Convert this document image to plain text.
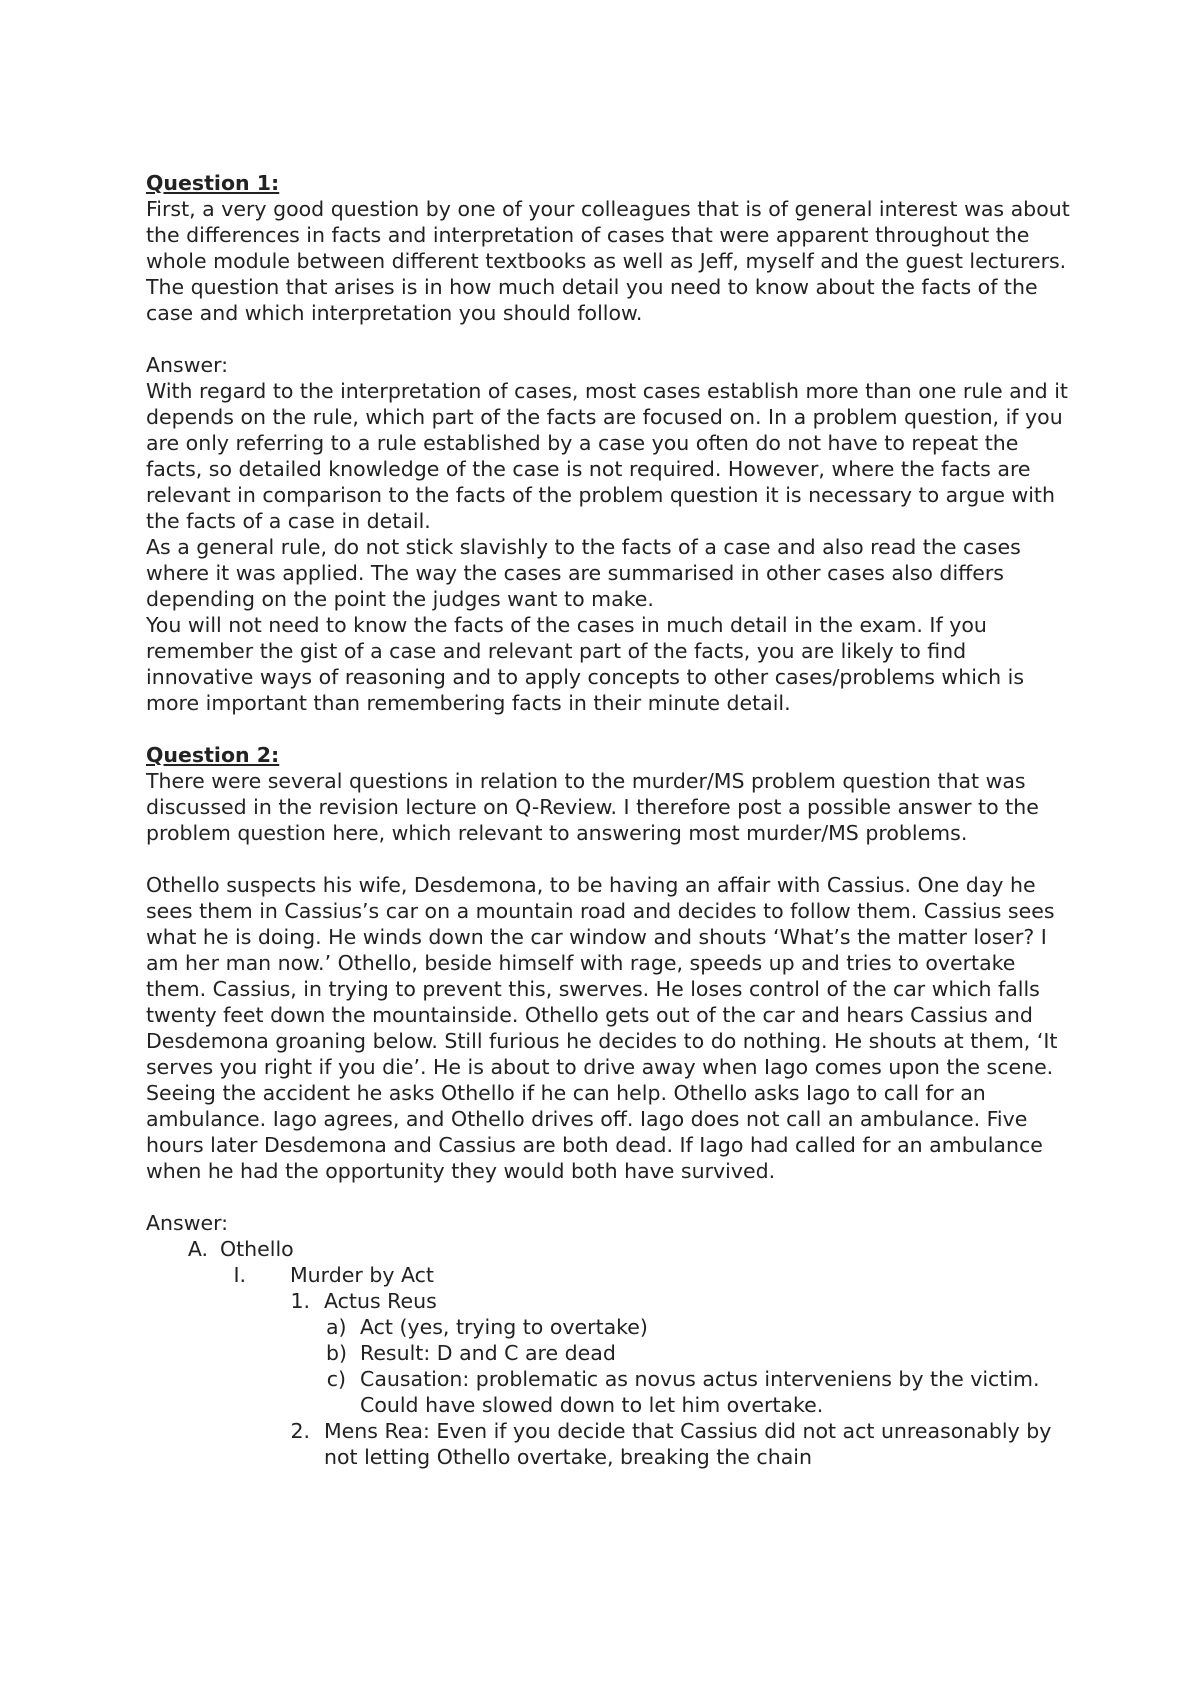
Question 1:

First, a very good question by one of your colleagues that is of general interest was about the differences in facts and interpretation of cases that were apparent throughout the whole module between different textbooks as well as Jeff, myself and the guest lecturers. The question that arises is in how much detail you need to know about the facts of the case and which interpretation you should follow.

Answer:

With regard to the interpretation of cases, most cases establish more than one rule and it depends on the rule, which part of the facts are focused on. In a problem question, if you are only referring to a rule established by a case you often do not have to repeat the facts, so detailed knowledge of the case is not required. However, where the facts are relevant in comparison to the facts of the problem question it is necessary to argue with the facts of a case in detail.

As a general rule, do not stick slavishly to the facts of a case and also read the cases where it was applied. The way the cases are summarised in other cases also differs depending on the point the judges want to make.

You will not need to know the facts of the cases in much detail in the exam. If you remember the gist of a case and relevant part of the facts, you are likely to find innovative ways of reasoning and to apply concepts to other cases/problems which is more important than remembering facts in their minute detail.

Question 2:

There were several questions in relation to the murder/MS problem question that was discussed in the revision lecture on Q-Review. I therefore post a possible answer to the problem question here, which relevant to answering most murder/MS problems.

Othello suspects his wife, Desdemona, to be having an affair with Cassius. One day he sees them in Cassius’s car on a mountain road and decides to follow them. Cassius sees what he is doing. He winds down the car window and shouts ‘What’s the matter loser? I am her man now.’ Othello, beside himself with rage, speeds up and tries to overtake them. Cassius, in trying to prevent this, swerves. He loses control of the car which falls twenty feet down the mountainside. Othello gets out of the car and hears Cassius and Desdemona groaning below. Still furious he decides to do nothing. He shouts at them, ‘It serves you right if you die’. He is about to drive away when Iago comes upon the scene. Seeing the accident he asks Othello if he can help. Othello asks Iago to call for an ambulance. Iago agrees, and Othello drives off. Iago does not call an ambulance. Five hours later Desdemona and Cassius are both dead. If Iago had called for an ambulance when he had the opportunity they would both have survived.

Answer:

A. Othello
I. Murder by Act
1. Actus Reus
a) Act (yes, trying to overtake)
b) Result: D and C are dead
c) Causation: problematic as novus actus interveniens by the victim. Could have slowed down to let him overtake.
2. Mens Rea: Even if you decide that Cassius did not act unreasonably by not letting Othello overtake, breaking the chain
